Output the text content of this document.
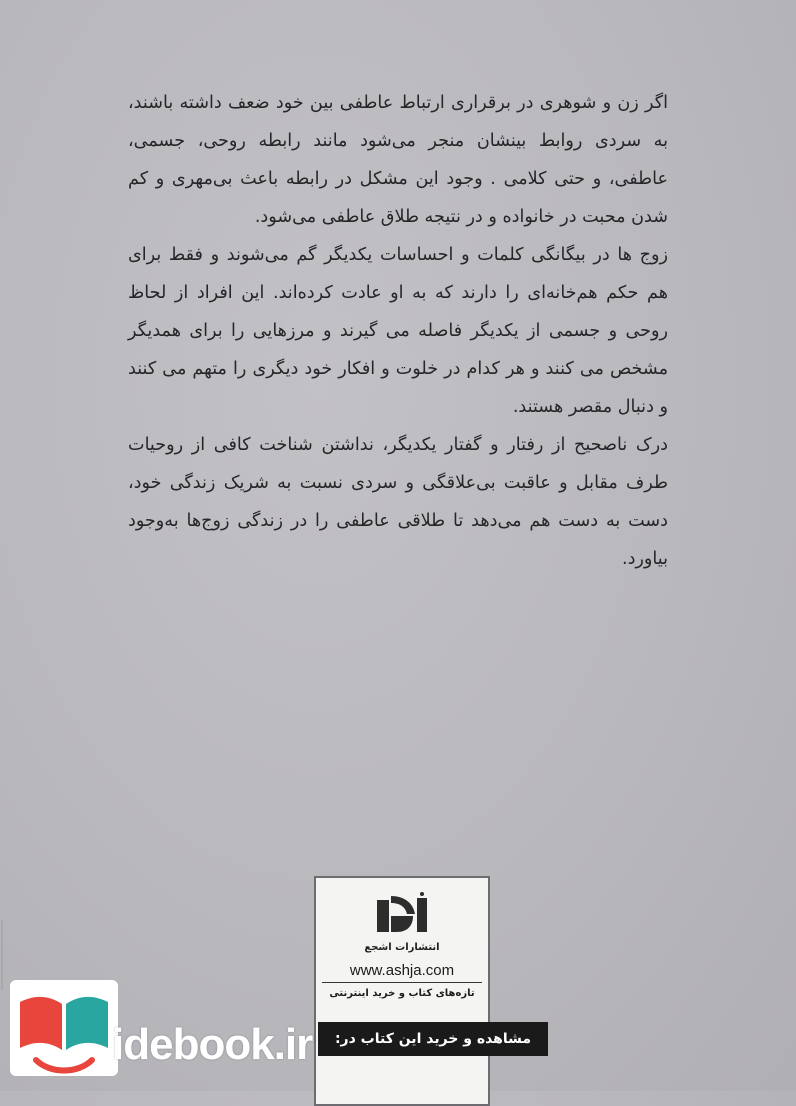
اگر زن و شوهری در برقراری ارتباط عاطفی بین خود ضعف داشته باشند، به سردی روابط بینشان منجر می‌شود مانند رابطه روحی، جسمی، عاطفی، و حتی کلامی . وجود این مشکل در رابطه باعث بی‌مهری و کم شدن محبت در خانواده و در نتیجه طلاق عاطفی می‌شود.

زوج ها در بیگانگی کلمات و احساسات یکدیگر گم می‌شوند و فقط برای هم حکم هم‌خانه‌ای را دارند که به او عادت کرده‌اند. این افراد از لحاظ روحی و جسمی از یکدیگر فاصله می گیرند و مرزهایی را برای همدیگر مشخص می کنند و هر کدام در خلوت و افکار خود دیگری را متهم می کنند و دنبال مقصر هستند.

درک ناصحیح از رفتار و گفتار یکدیگر، نداشتن شناخت کافی از روحیات طرف مقابل و عاقبت بی‌علاقگی و سردی نسبت به شریک زندگی خود، دست به دست هم می‌دهد تا طلاقی عاطفی را در زندگی زوج‌ها به‌وجود بیاورد.

انتشارات اشجع
www.ashja.com
تازه‌های کتاب و خرید اینترنتی
idebook.ir	مشاهده و خرید این کتاب در:
